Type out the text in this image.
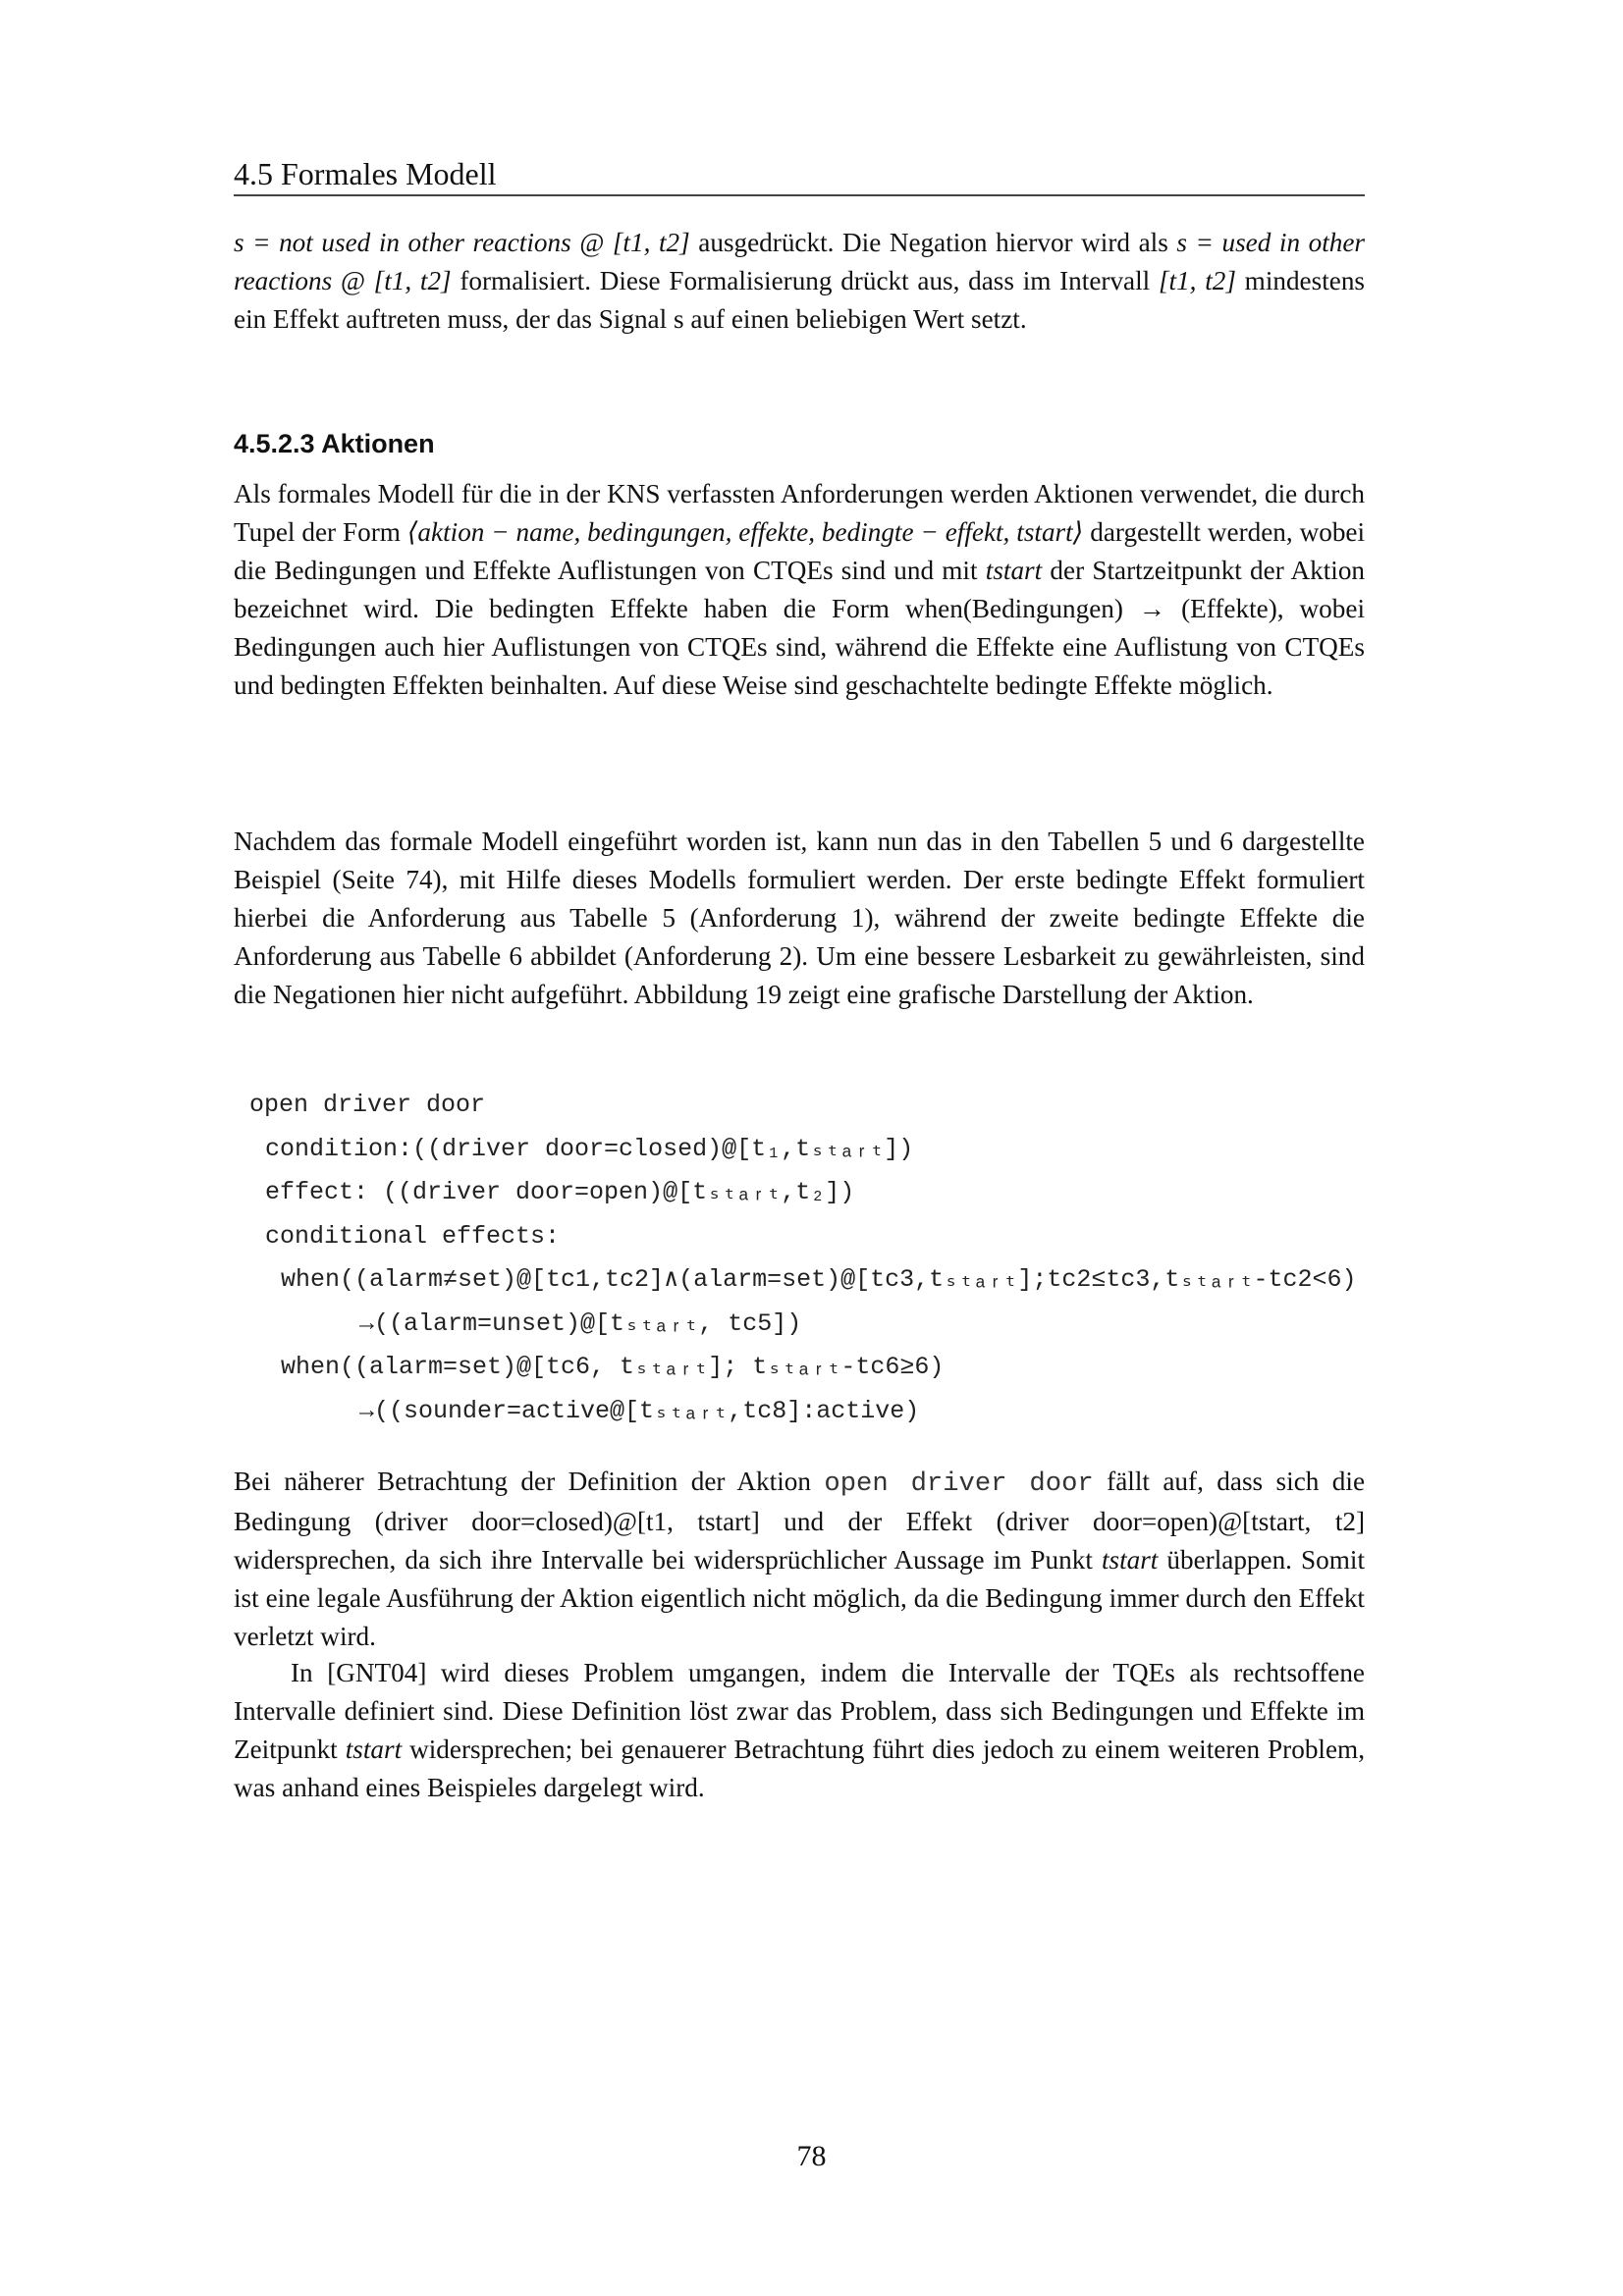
4.5 Formales Modell

s = not used in other reactions @ [t1, t2] ausgedrückt. Die Negation hiervor wird als s = used in other reactions @ [t1, t2] formalisiert. Diese Formalisierung drückt aus, dass im Intervall [t1, t2] mindestens ein Effekt auftreten muss, der das Signal s auf einen beliebigen Wert setzt.

4.5.2.3 Aktionen

Als formales Modell für die in der KNS verfassten Anforderungen werden Aktionen verwendet, die durch Tupel der Form ⟨aktion − name, bedingungen, effekte, bedingte − effekt, tstart⟩ dargestellt werden, wobei die Bedingungen und Effekte Auflistungen von CTQEs sind und mit tstart der Startzeitpunkt der Aktion bezeichnet wird. Die bedingten Effekte haben die Form when(Bedingungen) → (Effekte), wobei Bedingungen auch hier Auflistungen von CTQEs sind, während die Effekte eine Auflistung von CTQEs und bedingten Effekten beinhalten. Auf diese Weise sind geschachtelte bedingte Effekte möglich.

Nachdem das formale Modell eingeführt worden ist, kann nun das in den Tabellen 5 und 6 dargestellte Beispiel (Seite 74), mit Hilfe dieses Modells formuliert werden. Der erste bedingte Effekt formuliert hierbei die Anforderung aus Tabelle 5 (Anforderung 1), während der zweite bedingte Effekte die Anforderung aus Tabelle 6 abbildet (Anforderung 2). Um eine bessere Lesbarkeit zu gewährleisten, sind die Negationen hier nicht aufgeführt. Abbildung 19 zeigt eine grafische Darstellung der Aktion.

open driver door
condition:((driver door=closed)@[t₁,tₛₜₐᵣₜ])
effect: ((driver door=open)@[tₛₜₐᵣₜ,t₂])
conditional effects:
when((alarm≠set)@[tc1,tc2]∧(alarm=set)@[tc3,tₛₜₐᵣₜ];tc2≤tc3,tₛₜₐᵣₜ-tc2<6)
→((alarm=unset)@[tₛₜₐᵣₜ, tc5])
when((alarm=set)@[tc6, tₛₜₐᵣₜ]; tₛₜₐᵣₜ-tc6≥6)
→((sounder=active@[tₛₜₐᵣₜ,tc8]:active)

Bei näherer Betrachtung der Definition der Aktion open driver door fällt auf, dass sich die Bedingung (driver door=closed)@[t1, tstart] und der Effekt (driver door=open)@[tstart, t2] widersprechen, da sich ihre Intervalle bei widersprüchlicher Aussage im Punkt tstart überlappen. Somit ist eine legale Ausführung der Aktion eigentlich nicht möglich, da die Bedingung immer durch den Effekt verletzt wird.

In [GNT04] wird dieses Problem umgangen, indem die Intervalle der TQEs als rechtsoffene Intervalle definiert sind. Diese Definition löst zwar das Problem, dass sich Bedingungen und Effekte im Zeitpunkt tstart widersprechen; bei genauerer Betrachtung führt dies jedoch zu einem weiteren Problem, was anhand eines Beispieles dargelegt wird.

78
